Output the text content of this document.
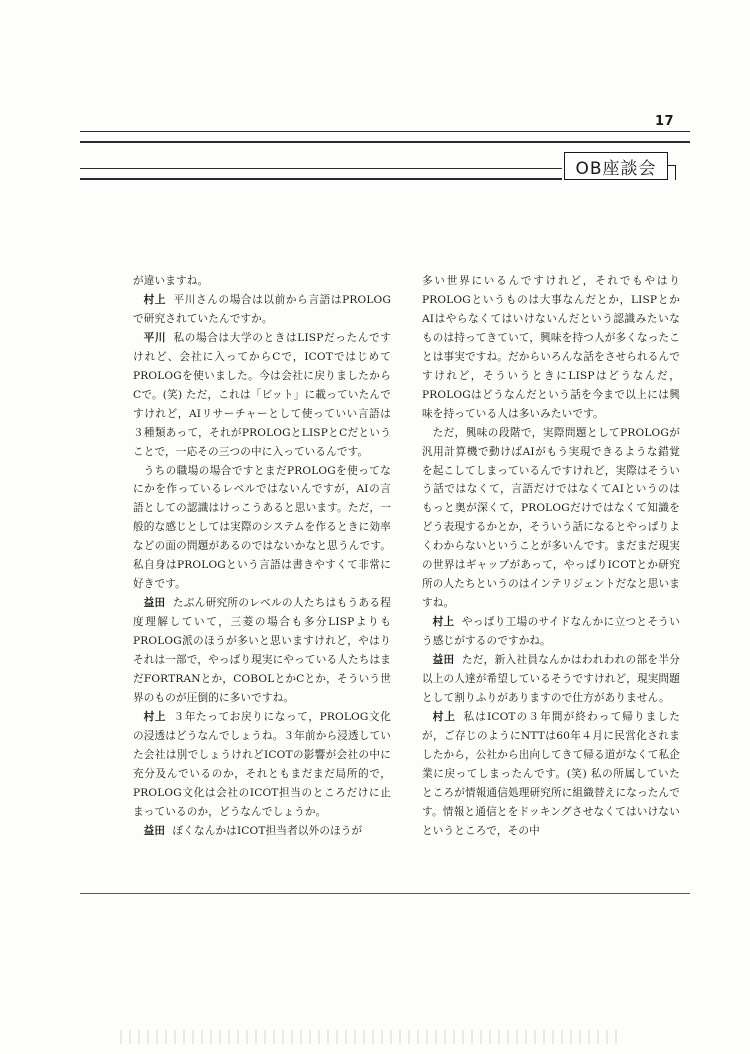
17
OB座談会

が違いますね。

村上 平川さんの場合は以前から言語はPROLOGで研究されていたんですか。

平川 私の場合は大学のときはLISPだったんですけれど、会社に入ってからCで，ICOTではじめてPROLOGを使いました。今は会社に戻りましたからCで。(笑) ただ，これは「ビット」に載っていたんですけれど，AIリサーチャーとして使っていい言語は３種類あって，それがPROLOGとLISPとCだということで，一応その三つの中に入っているんです。

うちの職場の場合ですとまだPROLOGを使ってなにかを作っているレベルではないんですが，AIの言語としての認識はけっこうあると思います。ただ，一般的な感じとしては実際のシステムを作るときに効率などの面の問題があるのではないかなと思うんです。私自身はPROLOGという言語は書きやすくて非常に好きです。

益田 たぶん研究所のレベルの人たちはもうある程度理解していて，三菱の場合も多分LISPよりもPROLOG派のほうが多いと思いますけれど，やはりそれは一部で，やっぱり現実にやっている人たちはまだFORTRANとか，COBOLとかCとか，そういう世界のものが圧倒的に多いですね。

村上 ３年たってお戻りになって，PROLOG文化の浸透はどうなんでしょうね。３年前から浸透していた会社は別でしょうけれどICOTの影響が会社の中に充分及んでいるのか，それともまだまだ局所的で，PROLOG文化は会社のICOT担当のところだけに止まっているのか，どうなんでしょうか。

益田 ぼくなんかはICOT担当者以外のほうが

多い世界にいるんですけれど，それでもやはりPROLOGというものは大事なんだとか，LISPとかAIはやらなくてはいけないんだという認識みたいなものは持ってきていて，興味を持つ人が多くなったことは事実ですね。だからいろんな話をさせられるんですけれど，そういうときにLISPはどうなんだ，PROLOGはどうなんだという話を今まで以上には興味を持っている人は多いみたいです。

ただ，興味の段階で，実際問題としてPROLOGが汎用計算機で動けばAIがもう実現できるような錯覚を起こしてしまっているんですけれど，実際はそういう話ではなくて，言語だけではなくてAIというのはもっと奥が深くて，PROLOGだけではなくて知識をどう表現するかとか，そういう話になるとやっぱりよくわからないということが多いんです。まだまだ現実の世界はギャップがあって，やっぱりICOTとか研究所の人たちというのはインテリジェントだなと思いますね。

村上 やっぱり工場のサイドなんかに立つとそういう感じがするのですかね。

益田 ただ，新入社員なんかはわれわれの部を半分以上の人達が希望しているそうですけれど，現実問題として割りふりがありますので仕方がありません。

村上 私はICOTの３年間が終わって帰りましたが，ご存じのようにNTTは60年４月に民営化されましたから，公社から出向してきて帰る道がなくて私企業に戻ってしまったんです。(笑) 私の所属していたところが情報通信処理研究所に組織替えになったんです。情報と通信とをドッキングさせなくてはいけないというところで，その中
